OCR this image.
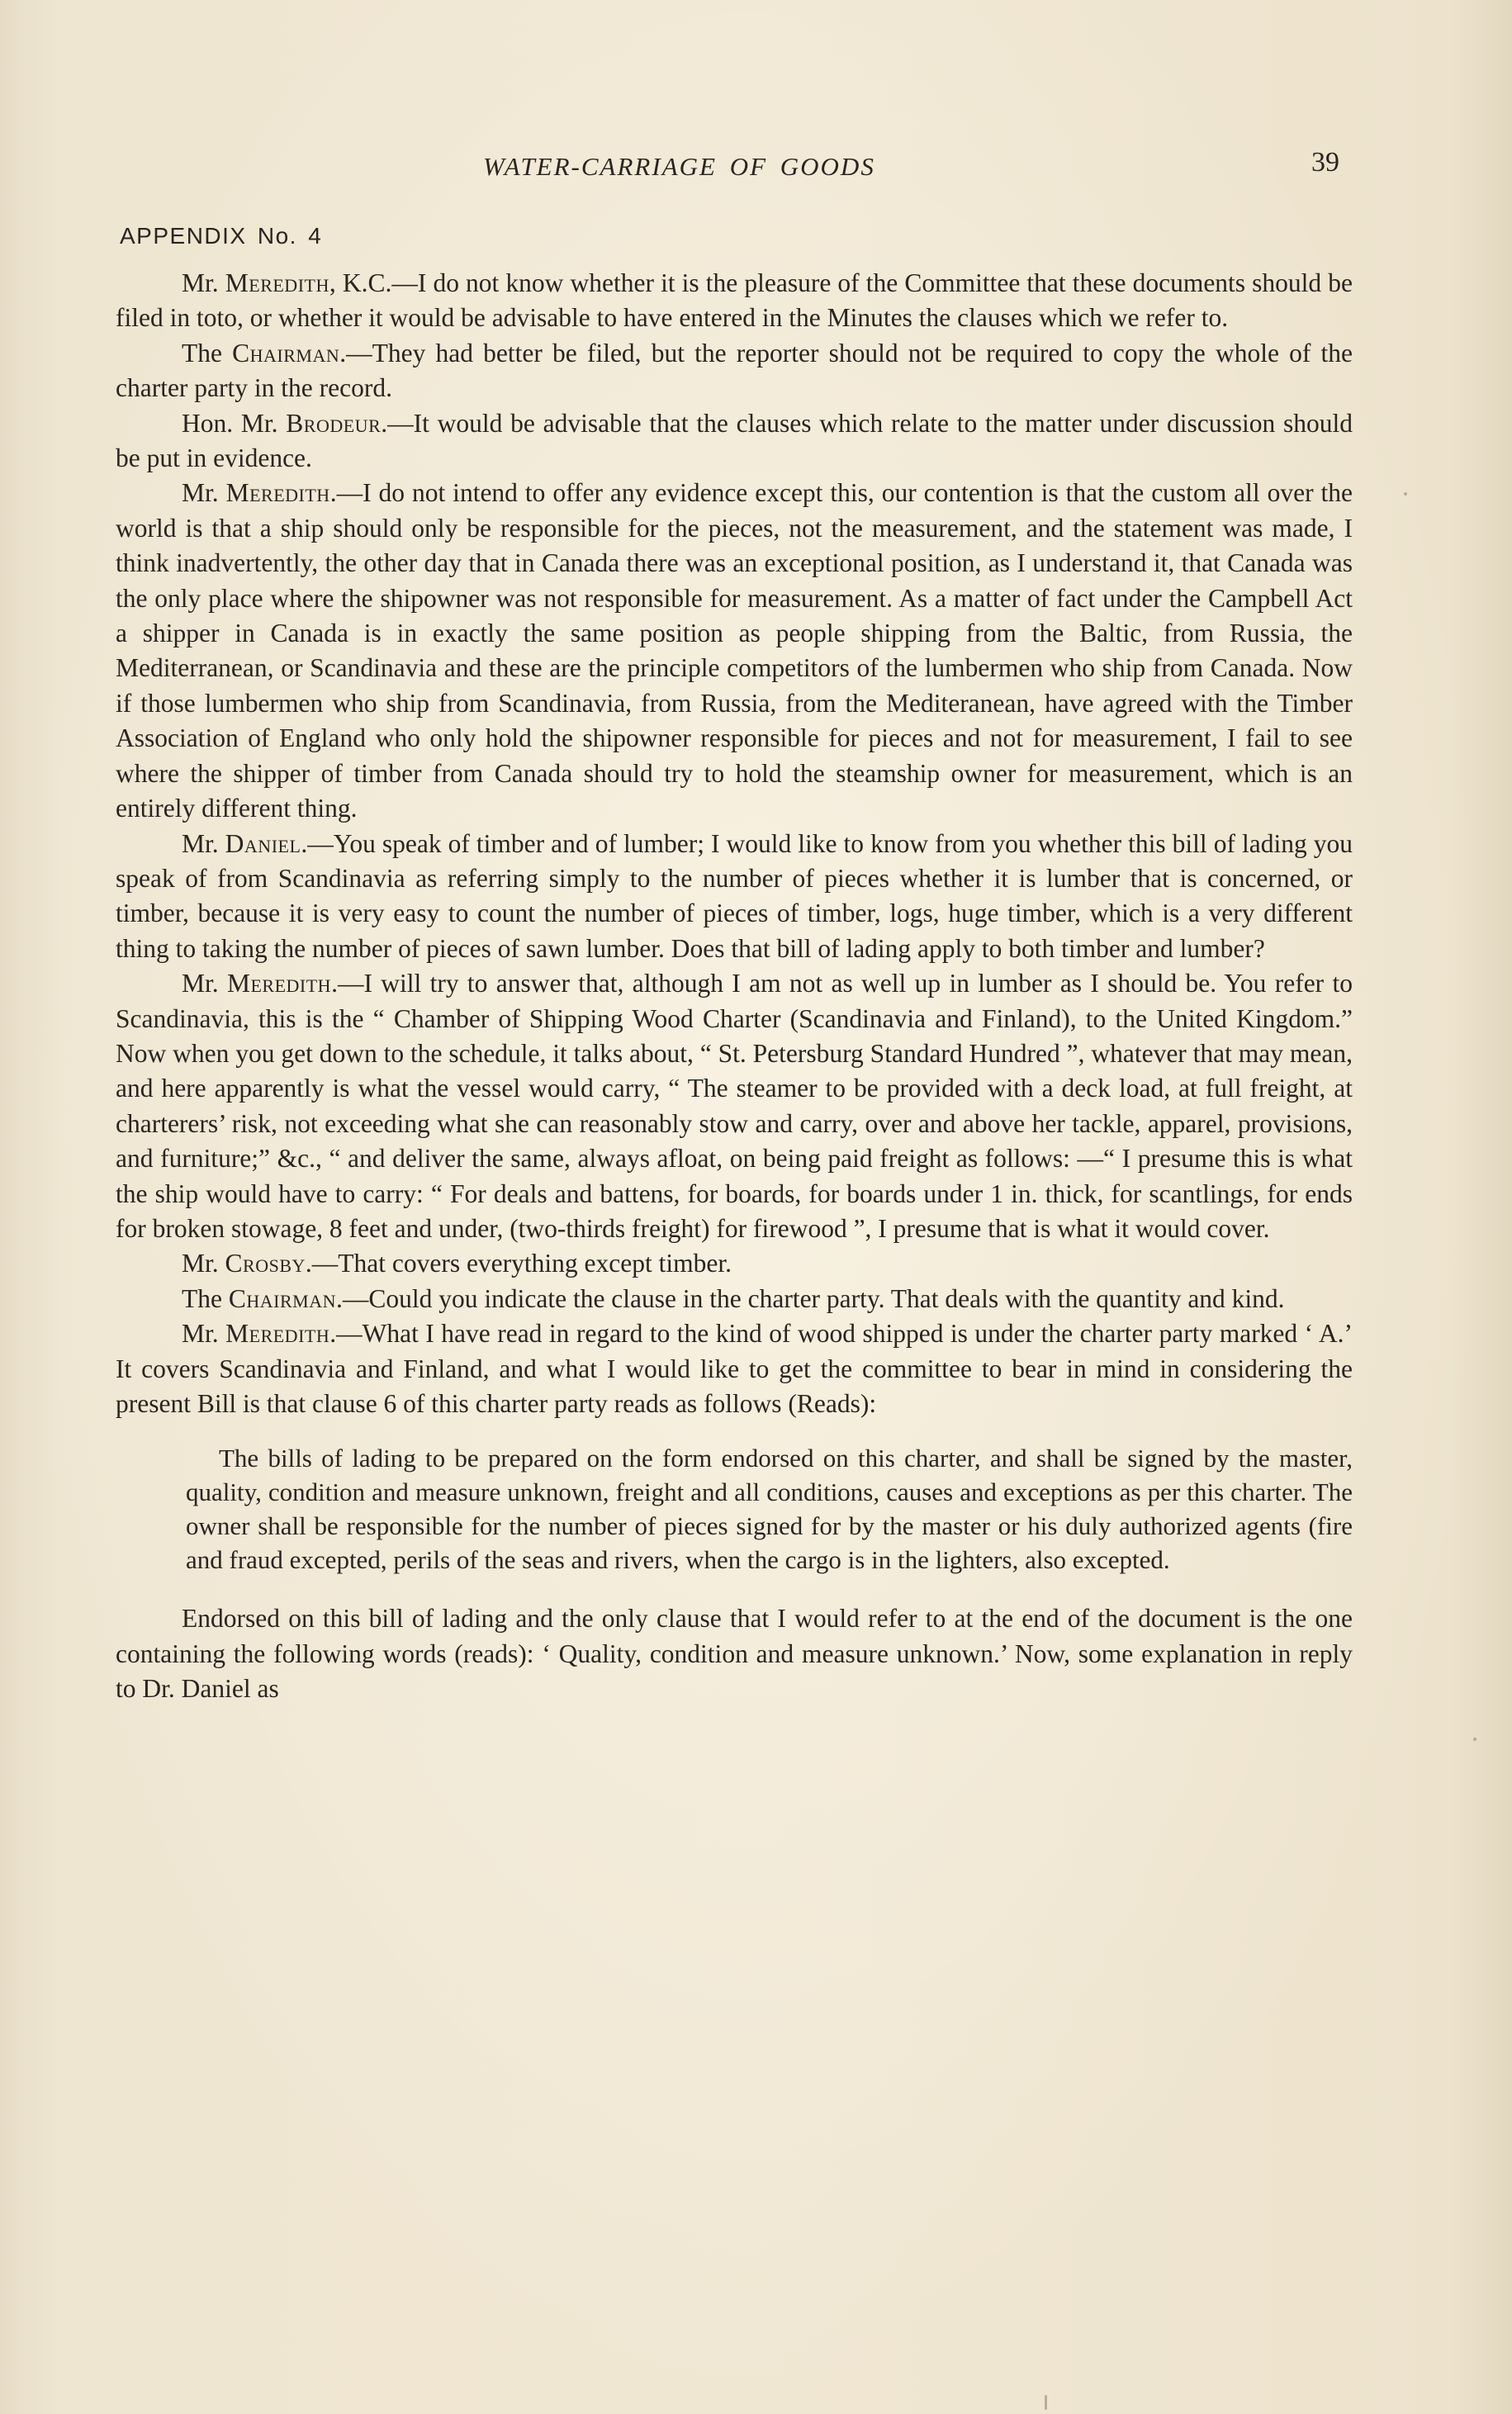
WATER-CARRIAGE OF GOODS	39
APPENDIX No. 4

Mr. Meredith, K.C.—I do not know whether it is the pleasure of the Committee that these documents should be filed in toto, or whether it would be advisable to have entered in the Minutes the clauses which we refer to.

The Chairman.—They had better be filed, but the reporter should not be required to copy the whole of the charter party in the record.

Hon. Mr. Brodeur.—It would be advisable that the clauses which relate to the matter under discussion should be put in evidence.

Mr. Meredith.—I do not intend to offer any evidence except this, our contention is that the custom all over the world is that a ship should only be responsible for the pieces, not the measurement, and the statement was made, I think inadvertently, the other day that in Canada there was an exceptional position, as I understand it, that Canada was the only place where the shipowner was not responsible for measurement. As a matter of fact under the Campbell Act a shipper in Canada is in exactly the same position as people shipping from the Baltic, from Russia, the Mediterranean, or Scandinavia and these are the principle competitors of the lumbermen who ship from Canada. Now if those lumbermen who ship from Scandinavia, from Russia, from the Mediteranean, have agreed with the Timber Association of England who only hold the shipowner responsible for pieces and not for measurement, I fail to see where the shipper of timber from Canada should try to hold the steamship owner for measurement, which is an entirely different thing.

Mr. Daniel.—You speak of timber and of lumber; I would like to know from you whether this bill of lading you speak of from Scandinavia as referring simply to the number of pieces whether it is lumber that is concerned, or timber, because it is very easy to count the number of pieces of timber, logs, huge timber, which is a very different thing to taking the number of pieces of sawn lumber. Does that bill of lading apply to both timber and lumber?

Mr. Meredith.—I will try to answer that, although I am not as well up in lumber as I should be. You refer to Scandinavia, this is the “ Chamber of Shipping Wood Charter (Scandinavia and Finland), to the United Kingdom.” Now when you get down to the schedule, it talks about, “ St. Petersburg Standard Hundred ”, whatever that may mean, and here apparently is what the vessel would carry, “ The steamer to be provided with a deck load, at full freight, at charterers’ risk, not exceeding what she can reasonably stow and carry, over and above her tackle, apparel, provisions, and furniture;” &c., “ and deliver the same, always afloat, on being paid freight as follows: —“ I presume this is what the ship would have to carry: “ For deals and battens, for boards, for boards under 1 in. thick, for scantlings, for ends for broken stowage, 8 feet and under, (two-thirds freight) for firewood ”, I presume that is what it would cover.

Mr. Crosby.—That covers everything except timber.

The Chairman.—Could you indicate the clause in the charter party. That deals with the quantity and kind.

Mr. Meredith.—What I have read in regard to the kind of wood shipped is under the charter party marked ‘ A.’ It covers Scandinavia and Finland, and what I would like to get the committee to bear in mind in considering the present Bill is that clause 6 of this charter party reads as follows (Reads):

The bills of lading to be prepared on the form endorsed on this charter, and shall be signed by the master, quality, condition and measure unknown, freight and all conditions, causes and exceptions as per this charter. The owner shall be responsible for the number of pieces signed for by the master or his duly authorized agents (fire and fraud excepted, perils of the seas and rivers, when the cargo is in the lighters, also excepted.

Endorsed on this bill of lading and the only clause that I would refer to at the end of the document is the one containing the following words (reads): ‘ Quality, condition and measure unknown.’ Now, some explanation in reply to Dr. Daniel as
